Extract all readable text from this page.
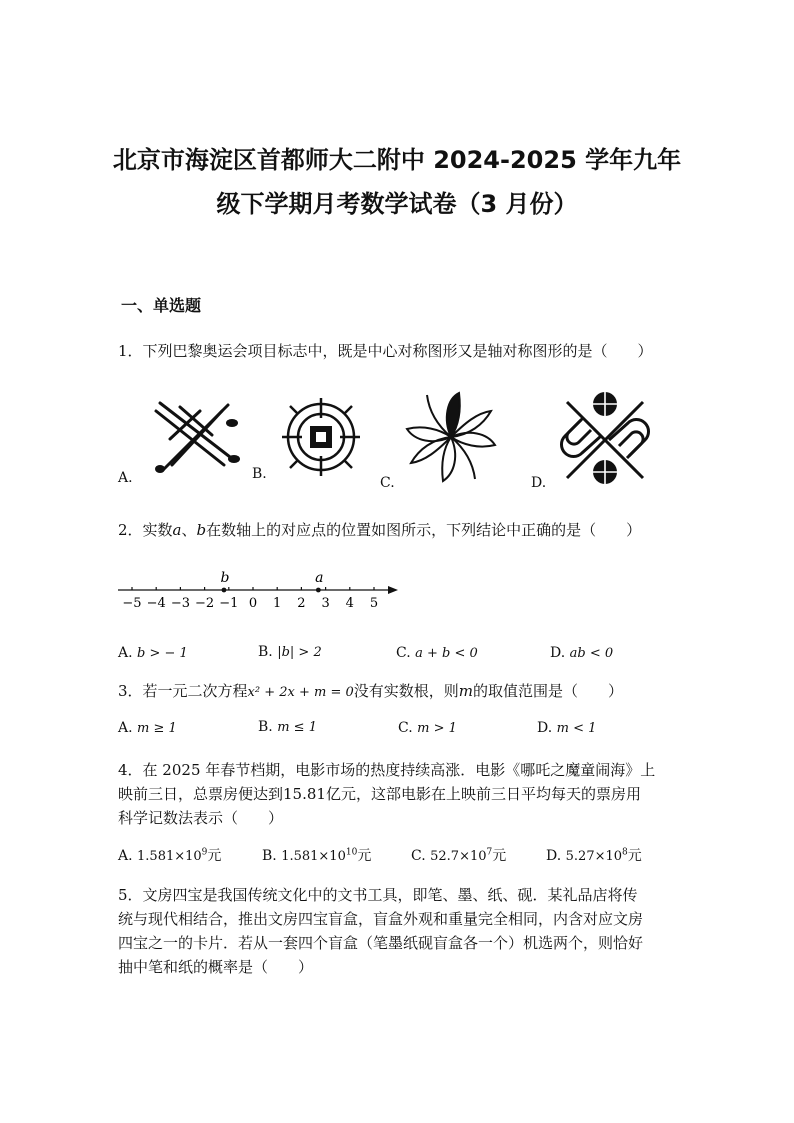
北京市海淀区首都师大二附中 2024-2025 学年九年
级下学期月考数学试卷（3 月份）
一、单选题
1．下列巴黎奥运会项目标志中，既是中心对称图形又是轴对称图形的是（　　）
A.	B.
C.	D.
2．实数a、b在数轴上的对应点的位置如图所示，下列结论中正确的是（　　）
−5 −4 −3 −2 −1 0 1 2 3 4 5
b	a
A. b > − 1	B. |b| > 2	C. a + b < 0	D. ab < 0
3．若一元二次方程x² + 2x + m = 0没有实数根，则m的取值范围是（　　）
A. m ≥ 1	B. m ≤ 1	C. m > 1	D. m < 1
4．在 2025 年春节档期，电影市场的热度持续高涨．电影《哪吒之魔童闹海》上
映前三日，总票房便达到15.81亿元，这部电影在上映前三日平均每天的票房用
科学记数法表示（　　）
A. $1.581\times 10^9$元	B. $1.581\times 10^{10}$元	C. $52.7\times 10^7$元	D. $5.27\times 10^8$元
5．文房四宝是我国传统文化中的文书工具，即笔、墨、纸、砚．某礼品店将传
统与现代相结合，推出文房四宝盲盒，盲盒外观和重量完全相同，内含对应文房
四宝之一的卡片．若从一套四个盲盒（笔墨纸砚盲盒各一个）机选两个，则恰好
抽中笔和纸的概率是（　　）
